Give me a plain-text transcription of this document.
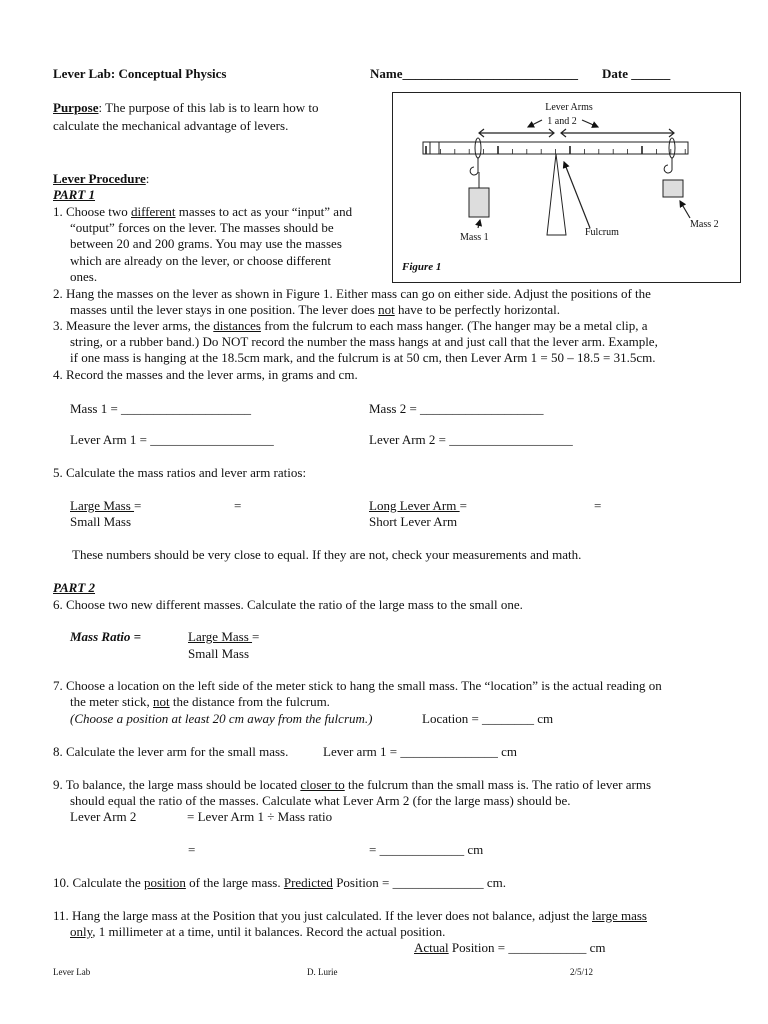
Lever Lab: Conceptual Physics	Name___________________________ Date ______
Purpose: The purpose of this lab is to learn how to
calculate the mechanical advantage of levers.
Lever Procedure:
PART 1
1. Choose two different masses to act as your “input” and
“output” forces on the lever. The masses should be
between 20 and 200 grams. You may use the masses
which are already on the lever, or choose different
ones.
2. Hang the masses on the lever as shown in Figure 1. Either mass can go on either side. Adjust the positions of the
masses until the lever stays in one position. The lever does not have to be perfectly horizontal.
3. Measure the lever arms, the distances from the fulcrum to each mass hanger. (The hanger may be a metal clip, a
string, or a rubber band.) Do NOT record the number the mass hangs at and just call that the lever arm. Example,
if one mass is hanging at the 18.5cm mark, and the fulcrum is at 50 cm, then Lever Arm 1 = 50 – 18.5 = 31.5cm.
4. Record the masses and the lever arms, in grams and cm.
Mass 1 = ____________________	Mass 2 = ___________________
Lever Arm 1 = ___________________	Lever Arm 2 = ___________________
5. Calculate the mass ratios and lever arm ratios:
Large Mass =
Small Mass
=	Long Lever Arm =
Short Lever Arm
=
These numbers should be very close to equal. If they are not, check your measurements and math.
PART 2
6. Choose two new different masses. Calculate the ratio of the large mass to the small one.
Mass Ratio =	Large Mass =
Small Mass
7. Choose a location on the left side of the meter stick to hang the small mass. The “location” is the actual reading on
the meter stick, not the distance from the fulcrum.
(Choose a position at least 20 cm away from the fulcrum.)	Location = ________ cm
8. Calculate the lever arm for the small mass.	Lever arm 1 = _______________ cm
9. To balance, the large mass should be located closer to the fulcrum than the small mass is. The ratio of lever arms
should equal the ratio of the masses. Calculate what Lever Arm 2 (for the large mass) should be.
Lever Arm 2	= Lever Arm 1 ÷ Mass ratio
=	= _____________ cm
10. Calculate the position of the large mass. Predicted Position = ______________ cm.
11. Hang the large mass at the Position that you just calculated. If the lever does not balance, adjust the large mass
only, 1 millimeter at a time, until it balances. Record the actual position.
Actual Position = ____________ cm
Lever Lab	D. Lurie	2/5/12
Lever Arms
1 and 2
Mass 1	Fulcrum
Mass 2
Figure 1
